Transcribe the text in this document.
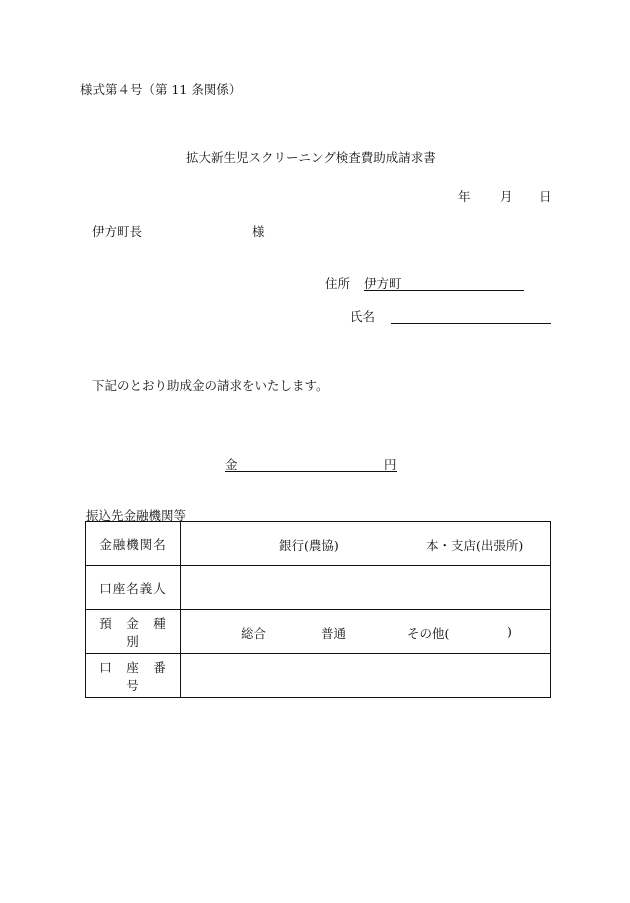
様式第４号（第 11 条関係）
拡大新生児スクリーニング検査費助成請求書
年 月 日
伊方町長	様
住所 伊方町
氏名
下記のとおり助成金の請求をいたします。
金	円
振込先金融機関等
金融機関名	銀行(農協) 本・支店(出張所)

口座名義人	

預　金　種　別	総合 普通 その他( )

口　座　番　号	
